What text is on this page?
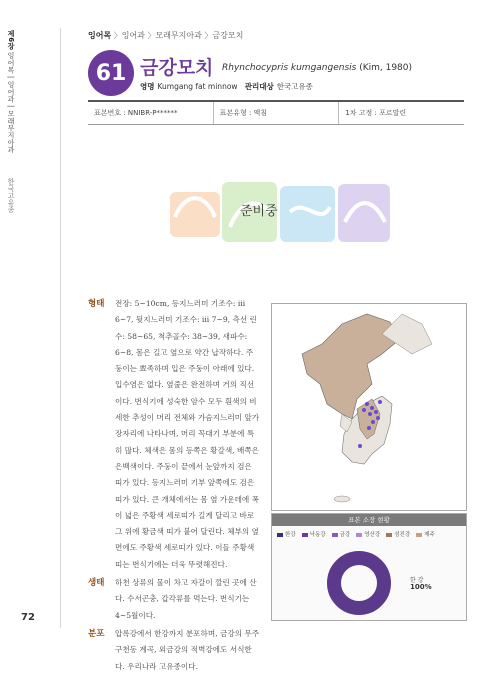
제6장 잉어목 | 잉어과 | 모래무지아과
한국고유종
72
잉어목 〉잉어과 〉모래무지아과 〉금강모치
61 금강모치 Rhynchocypris kumgangensis (Kim, 1980)
영명 Kumgang fat minnow 관리대상 한국고유종
표본번호 : NNIBR-P******	표본유형 : 액침	1차 고정 : 포르말린
준비중
형태 전장: 5~10cm, 등지느러미 기조수: iii 6~7, 뒷지느러미 기조수: iii 7~9, 측선 린수: 58~65, 척추골수: 38~39, 새파수: 6~8, 몸은 길고 옆으로 약간 납작하다. 주둥이는 뾰족하며 입은 주둥이 아래에 있다. 입수염은 없다. 옆줄은 완전하며 거의 직선이다. 번식기에 성숙한 암수 모두 흰색의 비세한 추성이 머리 전체와 가슴지느러미 앞가장자리에 나타나며, 머리 꼭대기 부분에 특히 많다. 체색은 몸의 등쪽은 황갈색, 배쪽은 은백색이다. 주둥이 끝에서 눈앞까지 검은 띠가 있다. 등지느러미 기부 앞쪽에도 검은 띠가 있다. 큰 개체에서는 몸 옆 가운데에 폭이 넓은 주황색 세로띠가 길게 달리고 바로 그 위에 황금색 띠가 붙어 달린다. 체부의 옆면에도 주황색 세로띠가 있다. 이들 주황색 띠는 번식기에는 더욱 뚜렷해진다.
생태 하천 상류의 물이 차고 자갈이 깔린 곳에 산다. 수서곤충, 갑각류를 먹는다. 번식기는 4~5월이다.
분포 압록강에서 한강까지 분포하며, 금강의 무주 구천동 계곡, 외금강의 적벽강에도 서식한다. 우리나라 고유종이다.
표본 소장 현황
한강	낙동강	금강	영산강	섬진강	제주
한 강
100%
